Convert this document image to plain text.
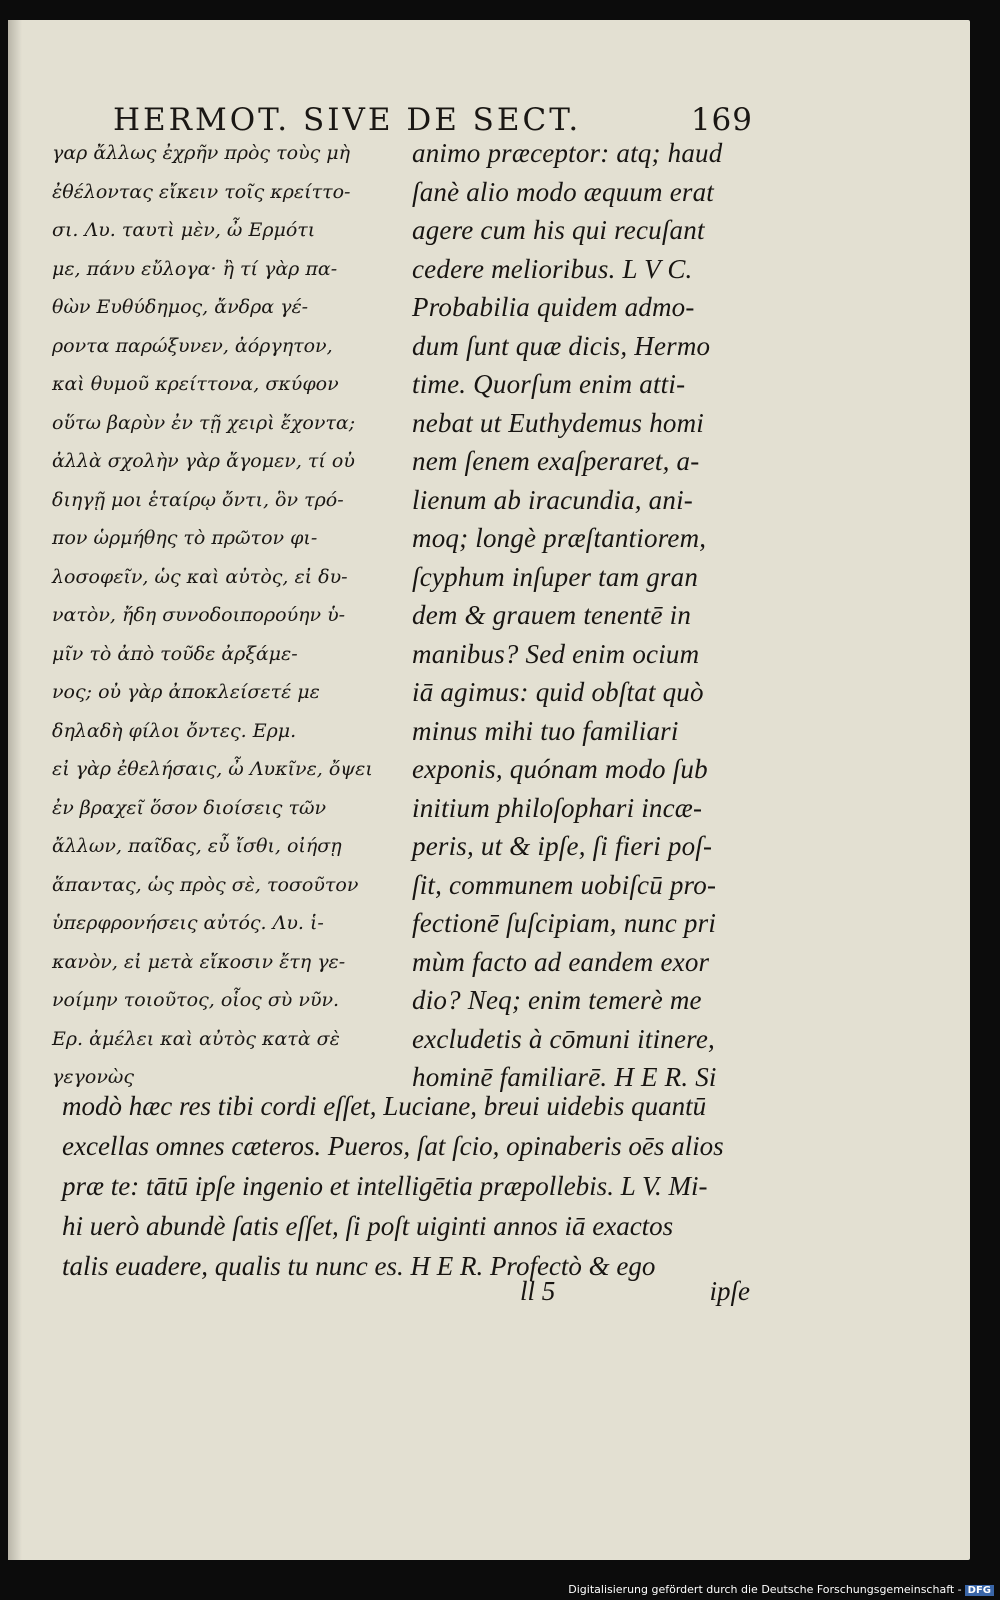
HERMOT. SIVE DE SECT.	169
γαρ ἄλλως ἐχρῆν πρὸς τοὺς μὴ
ἐθέλοντας εἴκειν τοῖς κρείττο-
σι. Λυ. ταυτὶ μὲν, ὦ Ερμότι
με, πάνυ εὔλογα· ἢ τί γὰρ πα-
θὼν Ευθύδημος, ἄνδρα γέ-
ροντα παρώξυνεν, ἀόργητον,
καὶ θυμοῦ κρείττονα, σκύφον
οὕτω βαρὺν ἐν τῇ χειρὶ ἔχοντα;
ἀλλὰ σχολὴν γὰρ ἄγομεν, τί οὐ
διηγῇ μοι ἑταίρῳ ὄντι, ὃν τρό-
πον ὡρμήθης τὸ πρῶτον φι-
λοσοφεῖν, ὡς καὶ αὐτὸς, εἰ δυ-
νατὸν, ἤδη συνοδοιπορούην ὑ-
μῖν τὸ ἀπὸ τοῦδε ἀρξάμε-
νος; οὐ γὰρ ἀποκλείσετέ με
δηλαδὴ φίλοι ὄντες. Ερμ.
εἰ γὰρ ἐθελήσαις, ὦ Λυκῖνε, ὄψει
ἐν βραχεῖ ὅσον διοίσεις τῶν
ἄλλων, παῖδας, εὖ ἴσθι, οἰήσῃ
ἅπαντας, ὡς πρὸς σὲ, τοσοῦτον
ὑπερφρονήσεις αὐτός. Λυ. ἱ-
κανὸν, εἰ μετὰ εἴκοσιν ἔτη γε-
νοίμην τοιοῦτος, οἷος σὺ νῦν.
Ερ. ἀμέλει καὶ αὐτὸς κατὰ σὲ
γεγονὼς
animo præceptor: atq; haud
ſanè alio modo æquum erat
agere cum his qui recuſant
cedere melioribus. L V C.
Probabilia quidem admo-
dum ſunt quæ dicis, Hermo
time. Quorſum enim atti-
nebat ut Euthydemus homi
nem ſenem exaſperaret, a-
lienum ab iracundia, ani-
moq; longè præſtantiorem,
ſcyphum inſuper tam gran
dem & grauem tenentē in
manibus? Sed enim ocium
iā agimus: quid obſtat quò
minus mihi tuo familiari
exponis, quónam modo ſub
initium philoſophari incæ-
peris, ut & ipſe, ſi fieri poſ-
ſit, communem uobiſcū pro-
fectionē ſuſcipiam, nunc pri
mùm facto ad eandem exor
dio? Neq; enim temerè me
excludetis à cōmuni itinere,
hominē familiarē. H E R. Si
modò hæc res tibi cordi eſſet, Luciane, breui uidebis quantū
excellas omnes cæteros. Pueros, ſat ſcio, opinaberis oēs alios
præ te: tātū ipſe ingenio et intelligētia præpollebis. L V. Mi-
hi uerò abundè ſatis eſſet, ſi poſt uiginti annos iā exactos
talis euadere, qualis tu nunc es. H E R. Profectò & ego
ll 5	ipſe
Digitalisierung gefördert durch die Deutsche Forschungsgemeinschaft - DFG
